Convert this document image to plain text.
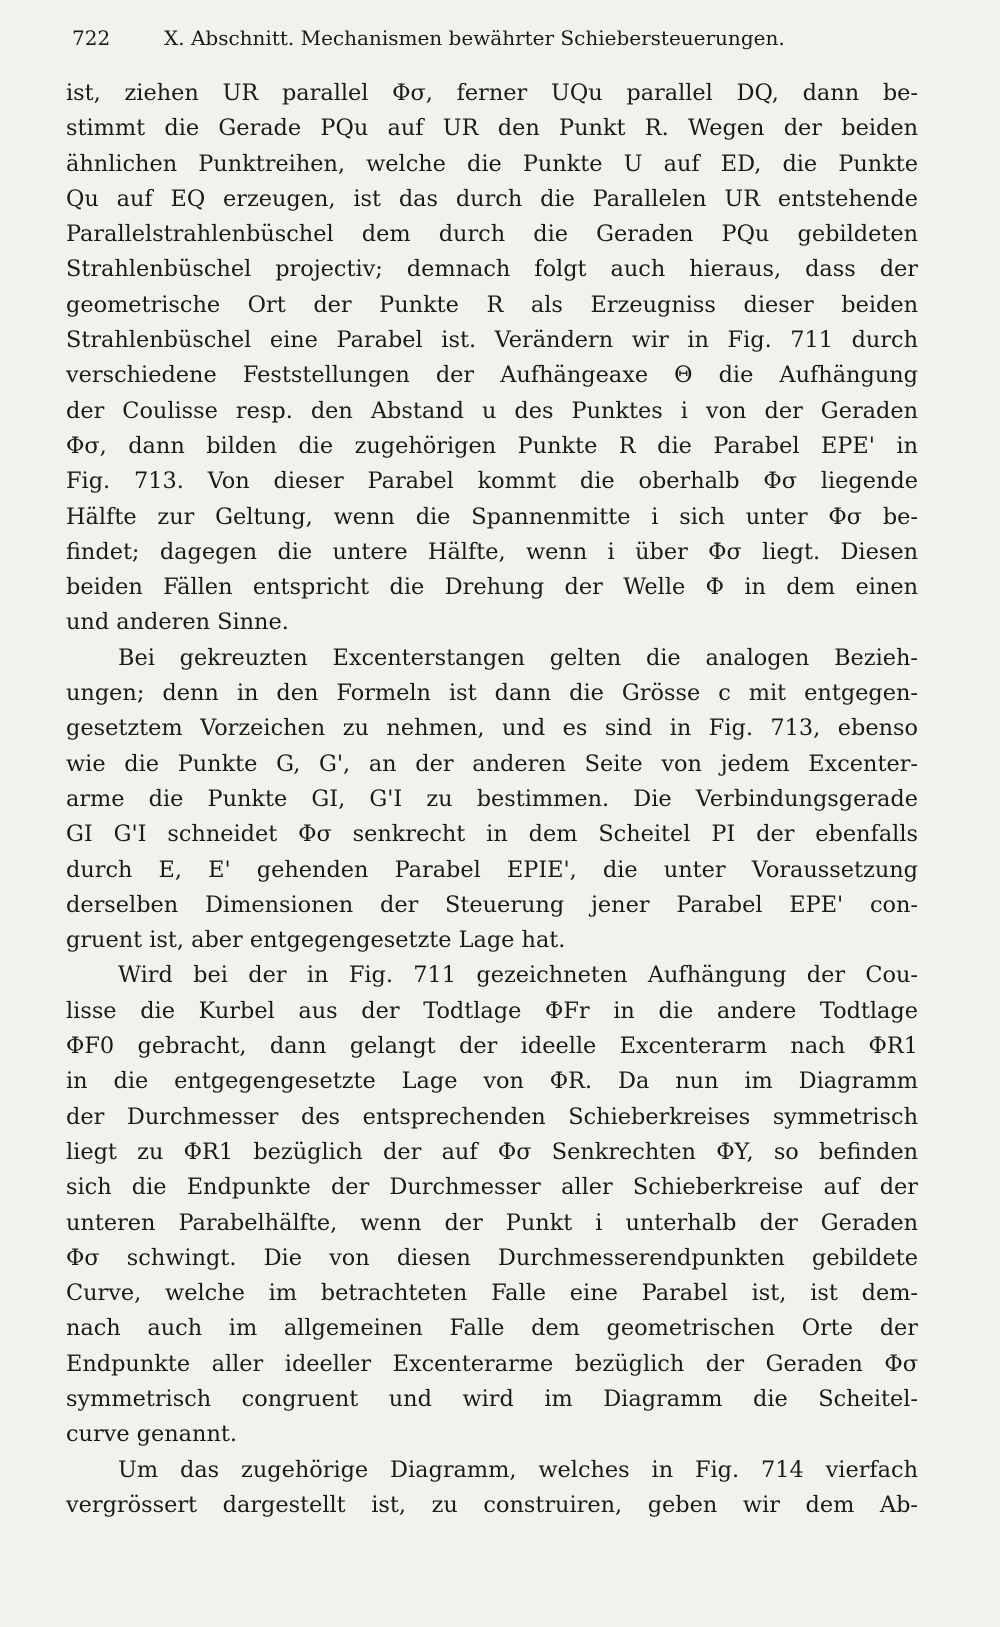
722	X. Abschnitt. Mechanismen bewährter Schiebersteuerungen.
ist, ziehen UR parallel Φσ, ferner UQu parallel DQ, dann be-
stimmt die Gerade PQu auf UR den Punkt R. Wegen der beiden
ähnlichen Punktreihen, welche die Punkte U auf ED, die Punkte
Qu auf EQ erzeugen, ist das durch die Parallelen UR entstehende
Parallelstrahlenbüschel dem durch die Geraden PQu gebildeten
Strahlenbüschel projectiv; demnach folgt auch hieraus, dass der
geometrische Ort der Punkte R als Erzeugniss dieser beiden
Strahlenbüschel eine Parabel ist. Verändern wir in Fig. 711 durch
verschiedene Feststellungen der Aufhängeaxe Θ die Aufhängung
der Coulisse resp. den Abstand u des Punktes i von der Geraden
Φσ, dann bilden die zugehörigen Punkte R die Parabel EPE' in
Fig. 713. Von dieser Parabel kommt die oberhalb Φσ liegende
Hälfte zur Geltung, wenn die Spannenmitte i sich unter Φσ be-
findet; dagegen die untere Hälfte, wenn i über Φσ liegt. Diesen
beiden Fällen entspricht die Drehung der Welle Φ in dem einen
und anderen Sinne.
Bei gekreuzten Excenterstangen gelten die analogen Bezieh-
ungen; denn in den Formeln ist dann die Grösse c mit entgegen-
gesetztem Vorzeichen zu nehmen, und es sind in Fig. 713, ebenso
wie die Punkte G, G', an der anderen Seite von jedem Excenter-
arme die Punkte GI, G'I zu bestimmen. Die Verbindungsgerade
GI G'I schneidet Φσ senkrecht in dem Scheitel PI der ebenfalls
durch E, E' gehenden Parabel EPIE', die unter Voraussetzung
derselben Dimensionen der Steuerung jener Parabel EPE' con-
gruent ist, aber entgegengesetzte Lage hat.
Wird bei der in Fig. 711 gezeichneten Aufhängung der Cou-
lisse die Kurbel aus der Todtlage ΦFr in die andere Todtlage
ΦF0 gebracht, dann gelangt der ideelle Excenterarm nach ΦR1
in die entgegengesetzte Lage von ΦR. Da nun im Diagramm
der Durchmesser des entsprechenden Schieberkreises symmetrisch
liegt zu ΦR1 bezüglich der auf Φσ Senkrechten ΦY, so befinden
sich die Endpunkte der Durchmesser aller Schieberkreise auf der
unteren Parabelhälfte, wenn der Punkt i unterhalb der Geraden
Φσ schwingt. Die von diesen Durchmesserendpunkten gebildete
Curve, welche im betrachteten Falle eine Parabel ist, ist dem-
nach auch im allgemeinen Falle dem geometrischen Orte der
Endpunkte aller ideeller Excenterarme bezüglich der Geraden Φσ
symmetrisch congruent und wird im Diagramm die Scheitel-
curve genannt.
Um das zugehörige Diagramm, welches in Fig. 714 vierfach
vergrössert dargestellt ist, zu construiren, geben wir dem Ab-
